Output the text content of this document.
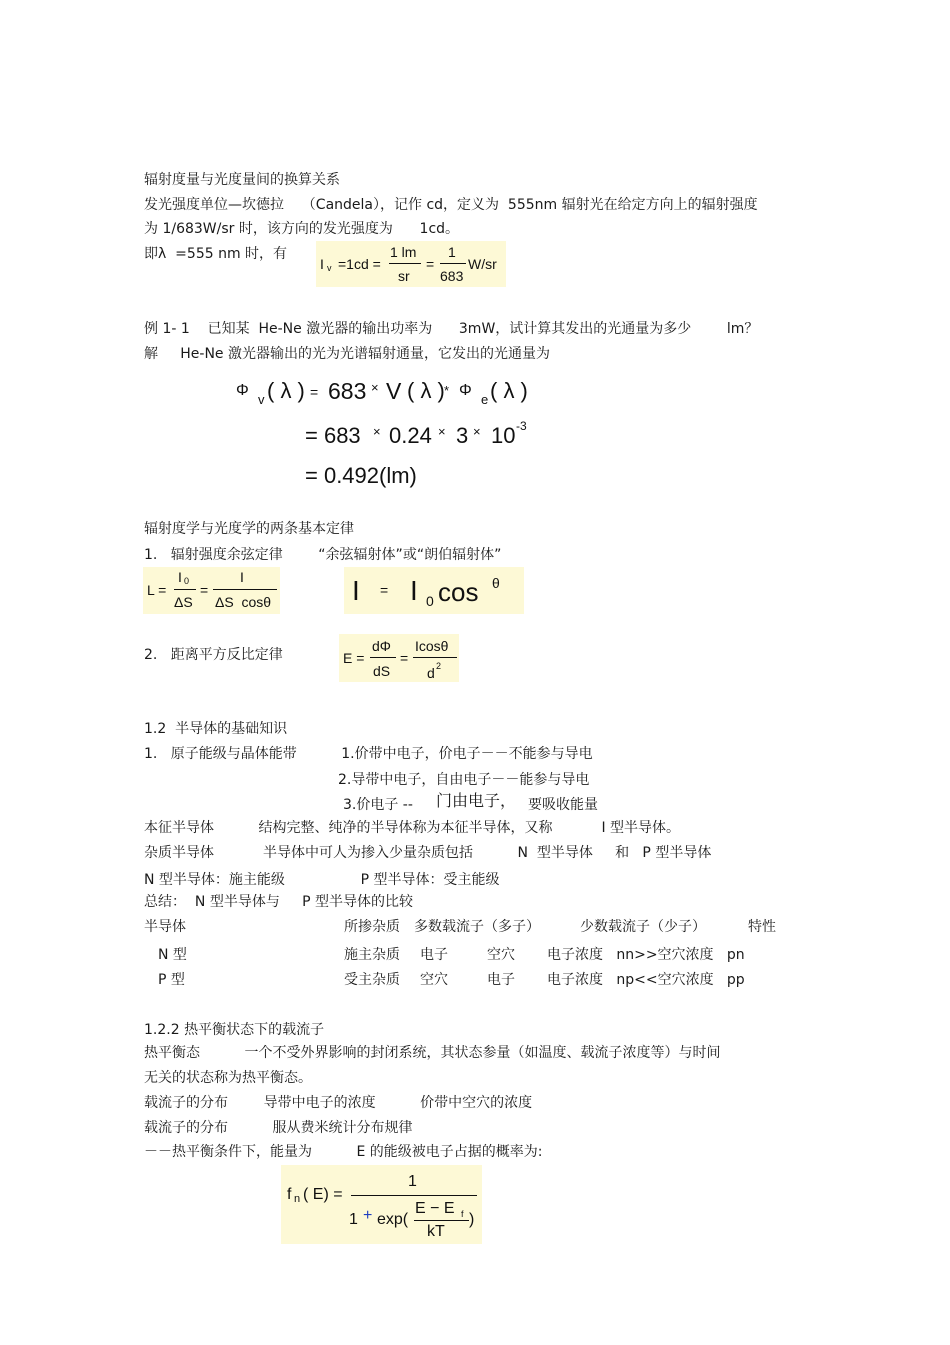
辐射度量与光度量间的换算关系
发光强度单位—坎德拉    （Candela），记作 cd，定义为  555nm 辐射光在给定方向上的辐射强度
为 1/683W/sr 时，该方向的发光强度为      1cd。
即λ  =555 nm 时，有
I v =1cd =
1 lm
sr
=
1
683
W/sr
例 1- 1    已知某  He-Ne 激光器的输出功率为      3mW，试计算其发出的光通量为多少        lm？
解     He-Ne 激光器输出的光为光谱辐射通量，它发出的光通量为
Φ
v ( λ ) = 683 × V ( λ ) * Φ
e ( λ )
= 683 × 0.24 × 3 × 10 -3
= 0.492(lm)
辐射度学与光度学的两条基本定律
1.   辐射强度余弦定律        “余弦辐射体”或“朗伯辐射体”
L =
I 0
ΔS
=
I
ΔS  cosθ	I = I 0 cos θ
2.   距离平方反比定律	E =
dΦ
dS
=
Icosθ
d 2
1.2  半导体的基础知识
1.   原子能级与晶体能带          1.价带中电子，价电子－－不能参与导电
2.导带中电子，自由电子－－能参与导电
3.价电子 -- 门由电子， 要吸收能量
本征半导体          结构完整、纯净的半导体称为本征半导体，又称           I 型半导体。
杂质半导体           半导体中可人为掺入少量杂质包括          N  型半导体     和   P 型半导体
N 型半导体：施主能级                 P 型半导体：受主能级
总结：  N 型半导体与     P 型半导体的比较
半导体	所掺杂质 多数载流子（多子）	少数载流子（少子）	特性
N 型	施主杂质 电子	空穴 电子浓度   nn>>空穴浓度   pn
P 型	受主杂质 空穴	电子 电子浓度   np<<空穴浓度   pp
1.2.2 热平衡状态下的载流子
热平衡态          一个不受外界影响的封闭系统，其状态参量（如温度、载流子浓度等）与时间
无关的状态称为热平衡态。
载流子的分布        导带中电子的浓度          价带中空穴的浓度
载流子的分布          服从费米统计分布规律
－－热平衡条件下，能量为          E 的能级被电子占据的概率为:
f n ( E) =
1
1 + exp(
E − E f
kT
)
